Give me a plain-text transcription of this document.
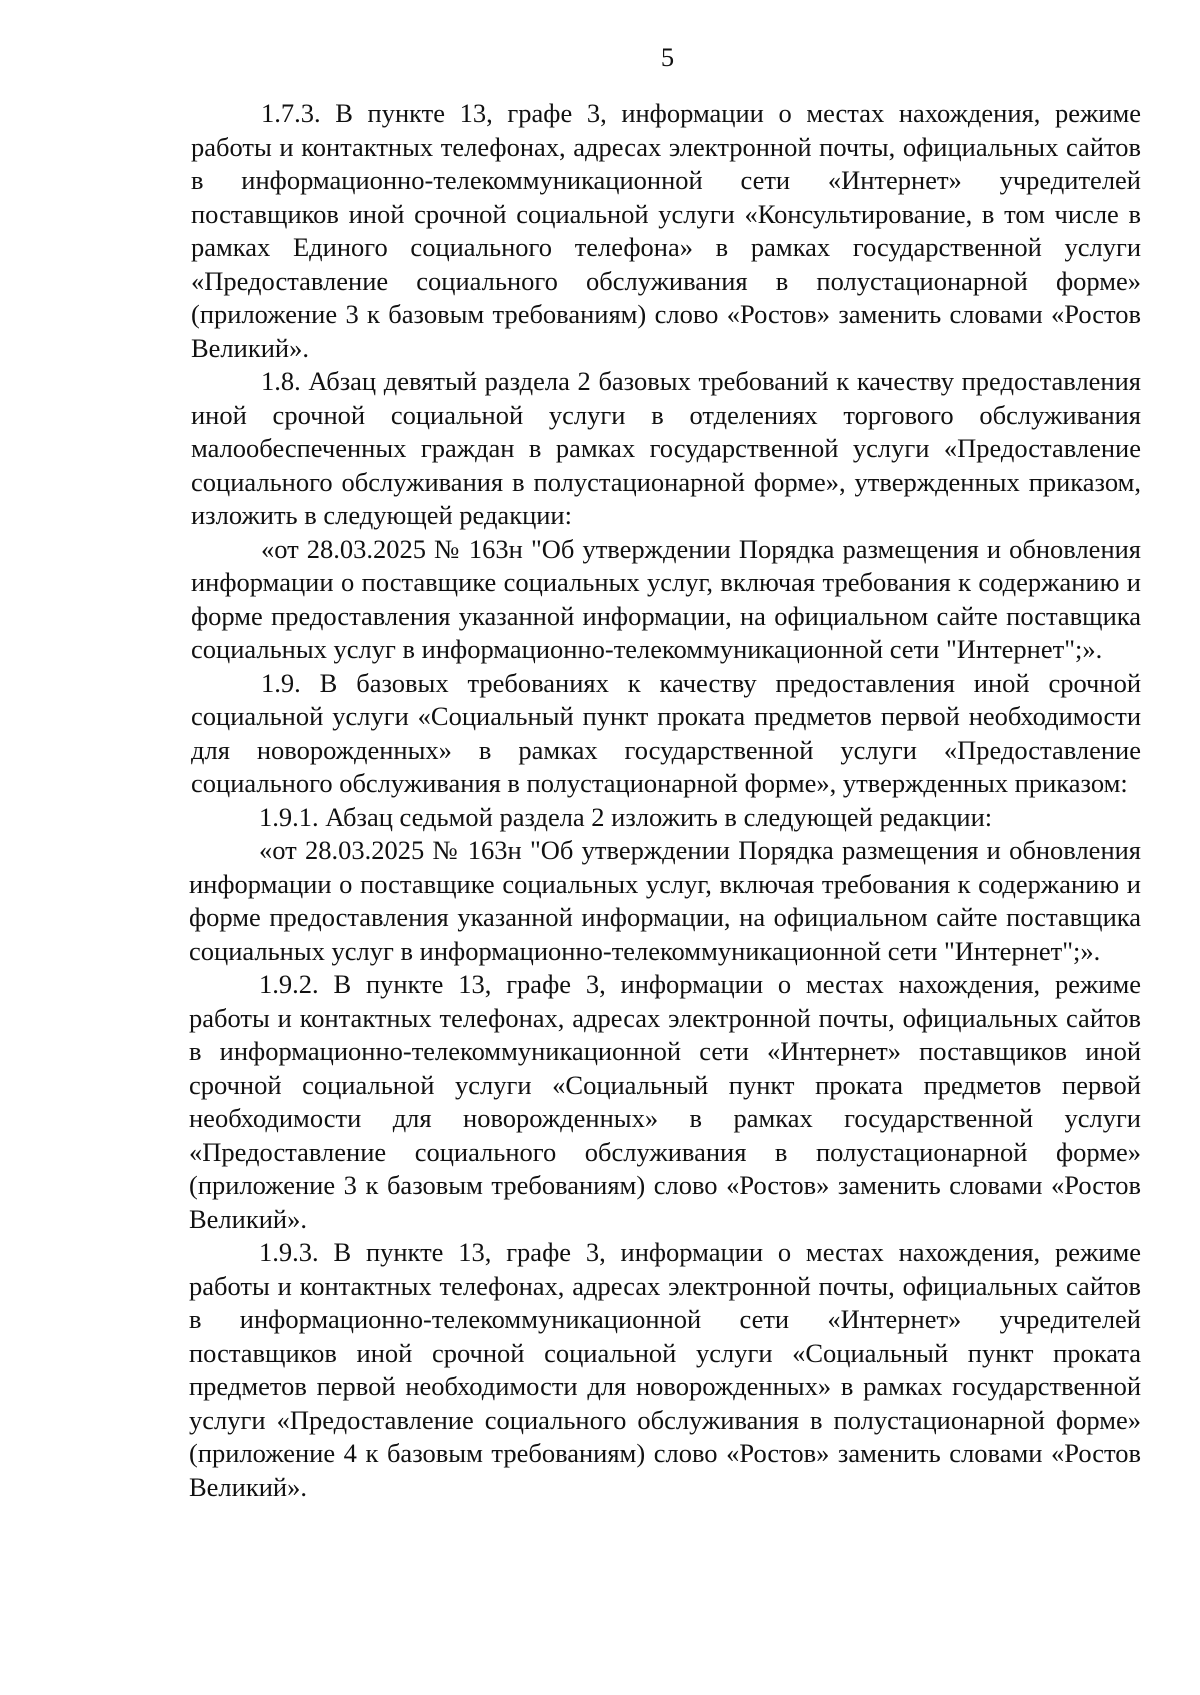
5

1.7.3. В пункте 13, графе 3, информации о местах нахождения, режиме работы и контактных телефонах, адресах электронной почты, официальных сайтов в информационно-телекоммуникационной сети «Интернет» учредителей поставщиков иной срочной социальной услуги «Консультирование, в том числе в рамках Единого социального телефона» в рамках государственной услуги «Предоставление социального обслуживания в полустационарной форме» (приложение 3 к базовым требованиям) слово «Ростов» заменить словами «Ростов Великий».

1.8. Абзац девятый раздела 2 базовых требований к качеству предоставления иной срочной социальной услуги в отделениях торгового обслуживания малообеспеченных граждан в рамках государственной услуги «Предоставление социального обслуживания в полустационарной форме», утвержденных приказом, изложить в следующей редакции:

«от 28.03.2025 № 163н "Об утверждении Порядка размещения и обновления информации о поставщике социальных услуг, включая требования к содержанию и форме предоставления указанной информации, на официальном сайте поставщика социальных услуг в информационно-телекоммуникационной сети "Интернет";».

1.9. В базовых требованиях к качеству предоставления иной срочной социальной услуги «Социальный пункт проката предметов первой необходимости для новорожденных» в рамках государственной услуги «Предоставление социального обслуживания в полустационарной форме», утвержденных приказом:

1.9.1. Абзац седьмой раздела 2 изложить в следующей редакции:

«от 28.03.2025 № 163н "Об утверждении Порядка размещения и обновления информации о поставщике социальных услуг, включая требования к содержанию и форме предоставления указанной информации, на официальном сайте поставщика социальных услуг в информационно-телекоммуникационной сети "Интернет";».

1.9.2. В пункте 13, графе 3, информации о местах нахождения, режиме работы и контактных телефонах, адресах электронной почты, официальных сайтов в информационно-телекоммуникационной сети «Интернет» поставщиков иной срочной социальной услуги «Социальный пункт проката предметов первой необходимости для новорожденных» в рамках государственной услуги «Предоставление социального обслуживания в полустационарной форме» (приложение 3 к базовым требованиям) слово «Ростов» заменить словами «Ростов Великий».

1.9.3. В пункте 13, графе 3, информации о местах нахождения, режиме работы и контактных телефонах, адресах электронной почты, официальных сайтов в информационно-телекоммуникационной сети «Интернет» учредителей поставщиков иной срочной социальной услуги «Социальный пункт проката предметов первой необходимости для новорожденных» в рамках государственной услуги «Предоставление социального обслуживания в полустационарной форме» (приложение 4 к базовым требованиям) слово «Ростов» заменить словами «Ростов Великий».
